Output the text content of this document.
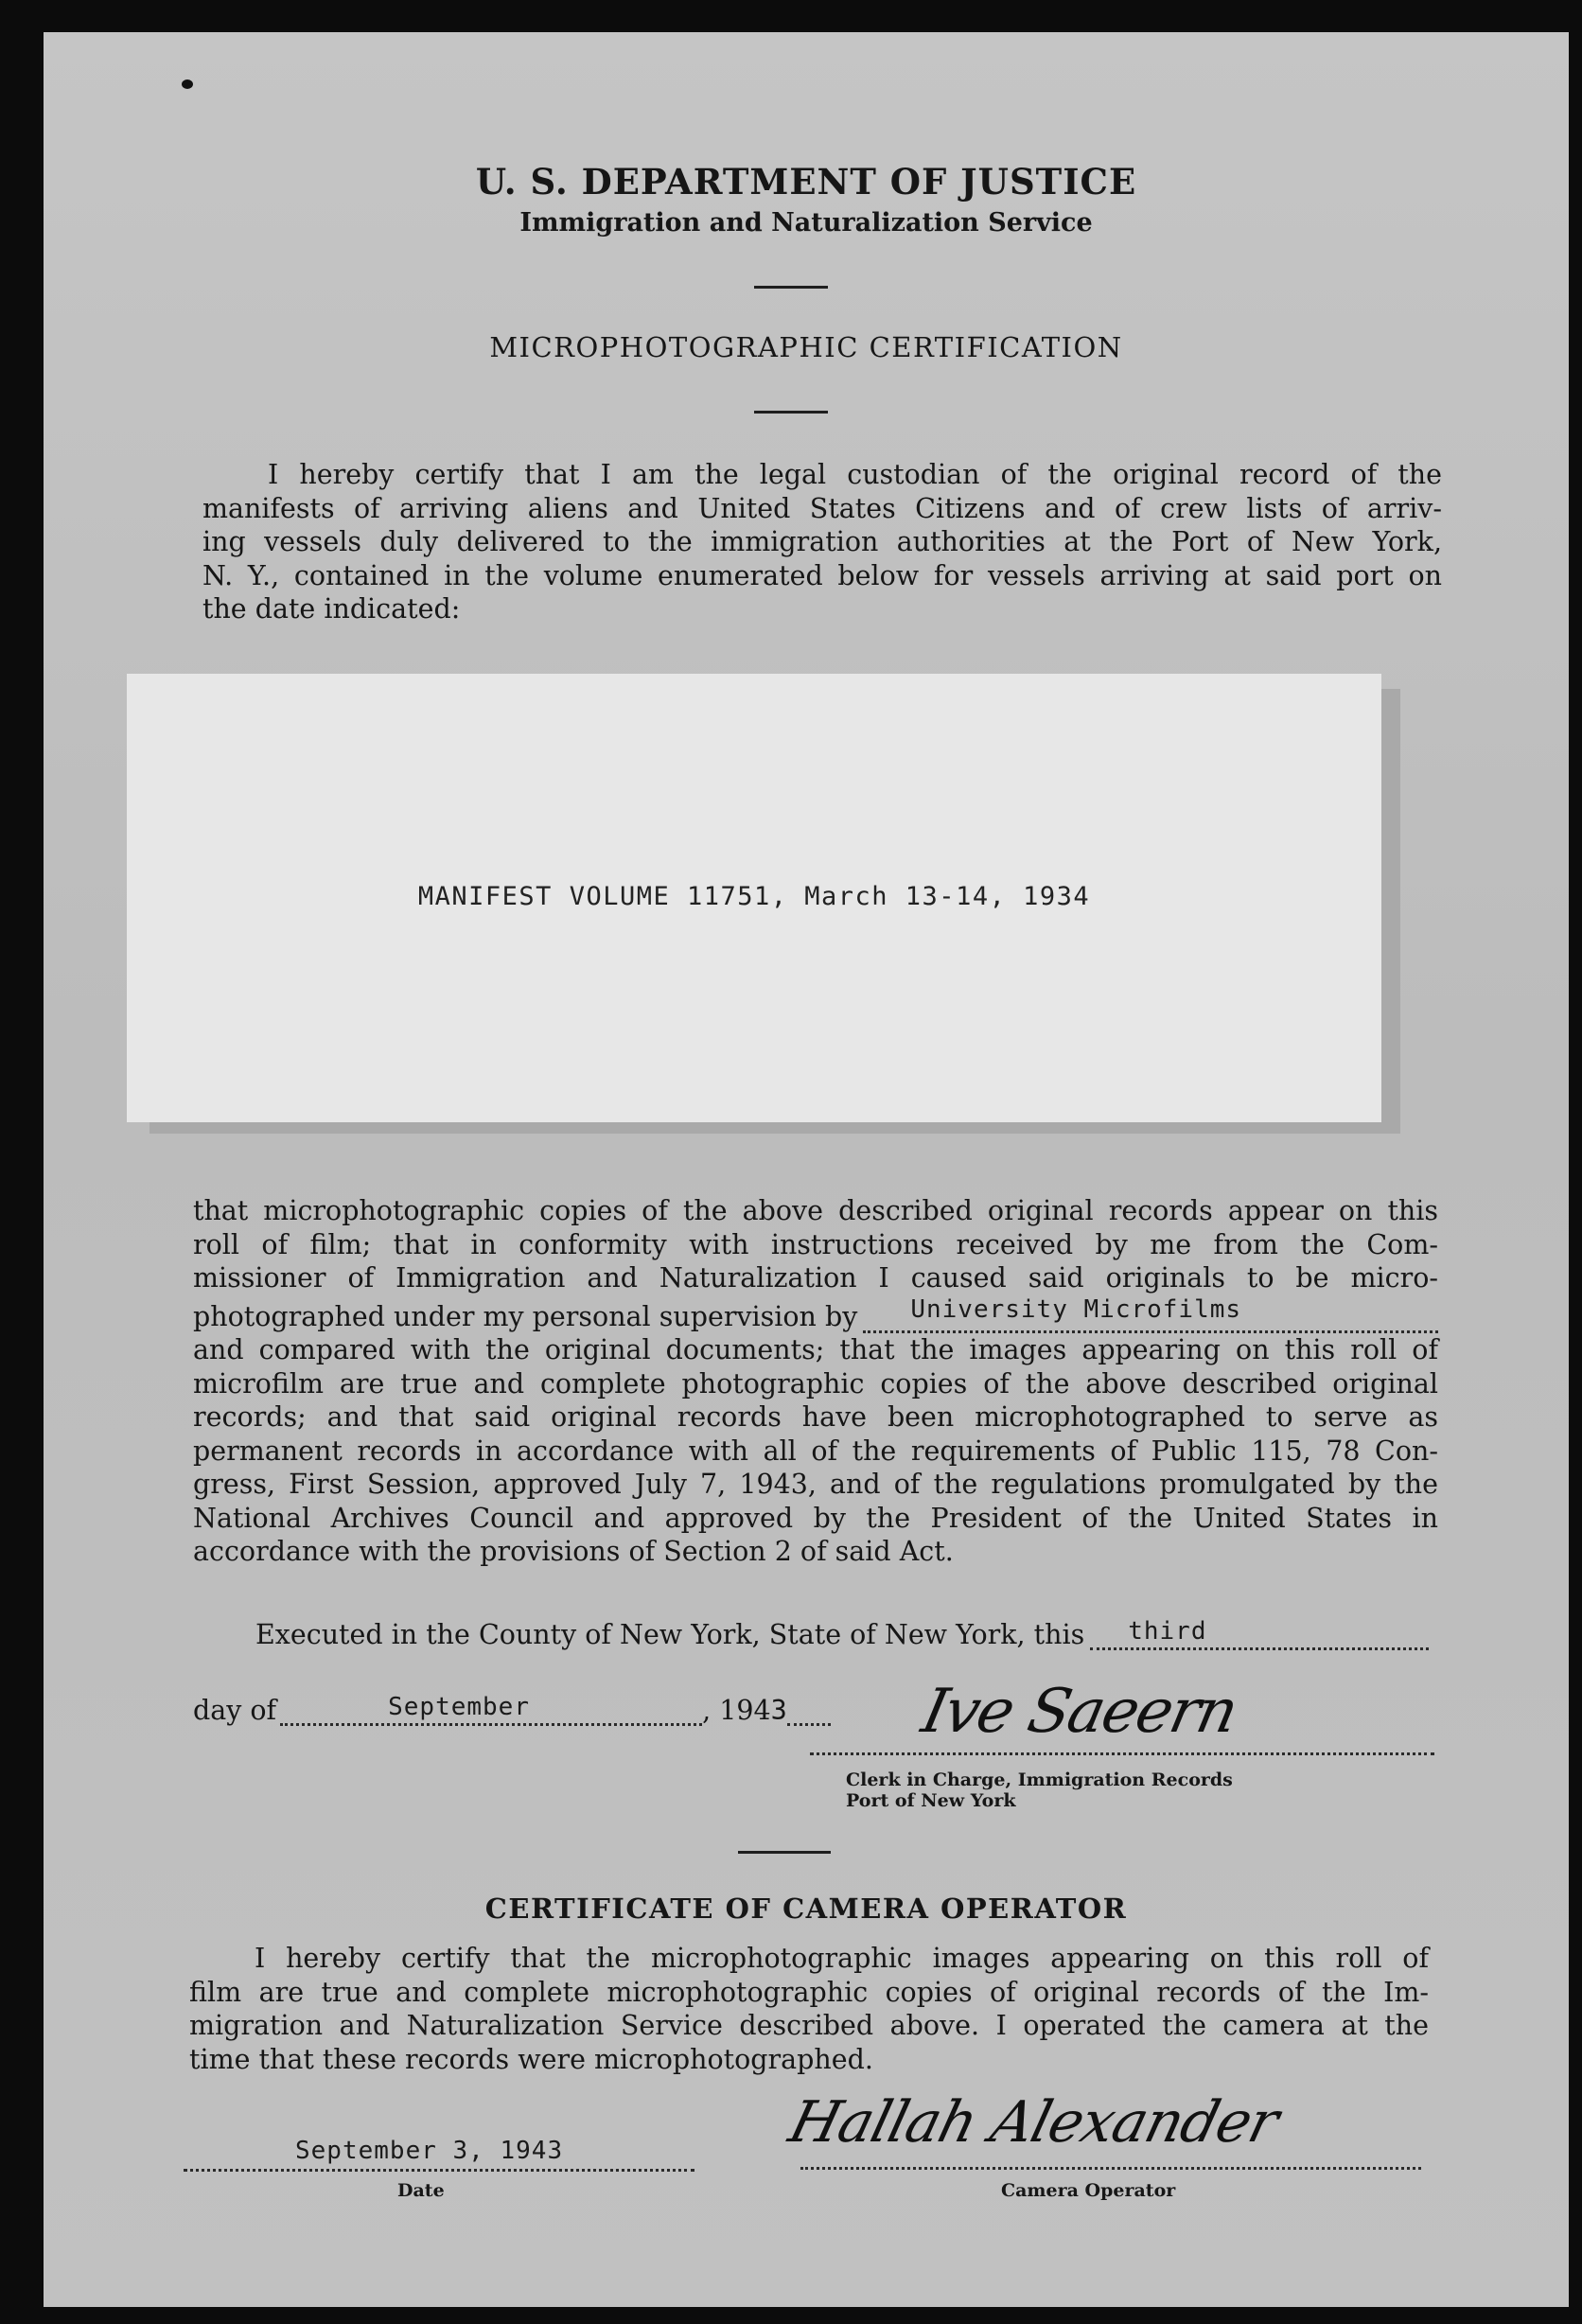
U. S. DEPARTMENT OF JUSTICE
Immigration and Naturalization Service
MICROPHOTOGRAPHIC CERTIFICATION
I hereby certify that I am the legal custodian of the original record of the
manifests of arriving aliens and United States Citizens and of crew lists of arriv-
ing vessels duly delivered to the immigration authorities at the Port of New York,
N. Y., contained in the volume enumerated below for vessels arriving at said port on
the date indicated:
MANIFEST VOLUME 11751, March 13-14, 1934
that microphotographic copies of the above described original records appear on this
roll of film; that in conformity with instructions received by me from the Com-
missioner of Immigration and Naturalization I caused said originals to be micro-
photographed under my personal supervision by University Microfilms
and compared with the original documents; that the images appearing on this roll of
microfilm are true and complete photographic copies of the above described original
records; and that said original records have been microphotographed to serve as
permanent records in accordance with all of the requirements of Public 115, 78 Con-
gress, First Session, approved July 7, 1943, and of the regulations promulgated by the
National Archives Council and approved by the President of the United States in
accordance with the provisions of Section 2 of said Act.
Executed in the County of New York, State of New York, this third
day of	September	, 194 3 Ive Saeern
Clerk in Charge, Immigration Records
Port of New York
CERTIFICATE OF CAMERA OPERATOR
I hereby certify that the microphotographic images appearing on this roll of
film are true and complete microphotographic copies of original records of the Im-
migration and Naturalization Service described above. I operated the camera at the
time that these records were microphotographed.
September 3, 1943
Date
Hallah Alexander
Camera Operator
